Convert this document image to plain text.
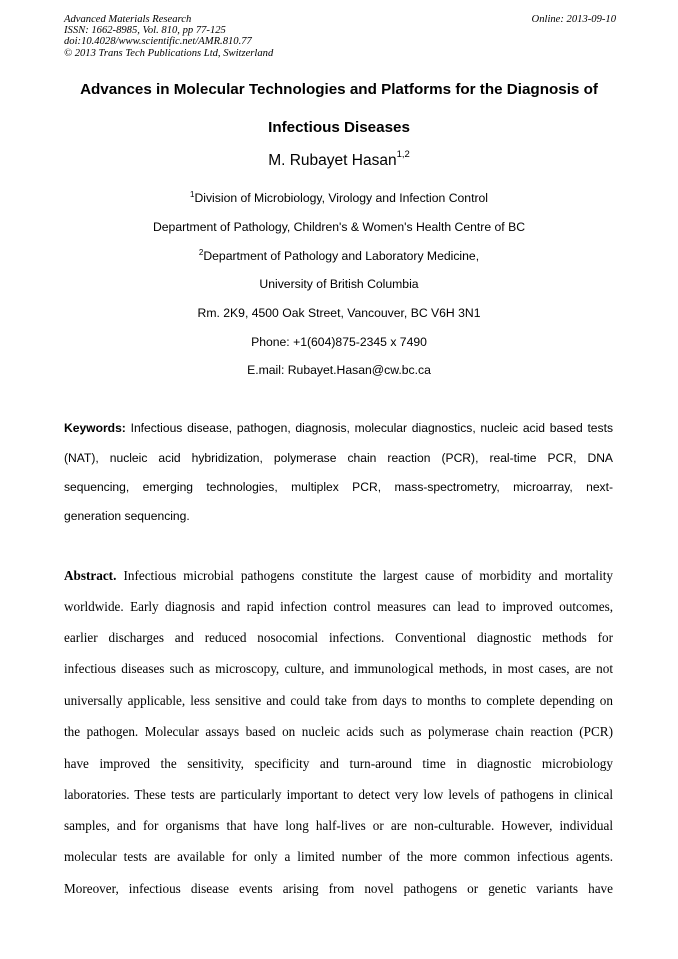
Advanced Materials Research
ISSN: 1662-8985, Vol. 810, pp 77-125
doi:10.4028/www.scientific.net/AMR.810.77
© 2013 Trans Tech Publications Ltd, Switzerland
Online: 2013-09-10
Advances in Molecular Technologies and Platforms for the Diagnosis of
Infectious Diseases
M. Rubayet Hasan$^{1,2}$
$^1$Division of Microbiology, Virology and Infection Control
Department of Pathology, Children's & Women's Health Centre of BC
$^2$Department of Pathology and Laboratory Medicine,
University of British Columbia
Rm. 2K9, 4500 Oak Street, Vancouver, BC V6H 3N1
Phone: +1(604)875-2345 x 7490
E.mail: Rubayet.Hasan@cw.bc.ca
Keywords: Infectious disease, pathogen, diagnosis, molecular diagnostics, nucleic acid based tests
(NAT), nucleic acid hybridization, polymerase chain reaction (PCR), real-time PCR, DNA
sequencing, emerging technologies, multiplex PCR, mass-spectrometry, microarray, next-
generation sequencing.
Abstract. Infectious microbial pathogens constitute the largest cause of morbidity and mortality
worldwide. Early diagnosis and rapid infection control measures can lead to improved outcomes,
earlier discharges and reduced nosocomial infections. Conventional diagnostic methods for
infectious diseases such as microscopy, culture, and immunological methods, in most cases, are not
universally applicable, less sensitive and could take from days to months to complete depending on
the pathogen. Molecular assays based on nucleic acids such as polymerase chain reaction (PCR)
have improved the sensitivity, specificity and turn-around time in diagnostic microbiology
laboratories. These tests are particularly important to detect very low levels of pathogens in clinical
samples, and for organisms that have long half-lives or are non-culturable. However, individual
molecular tests are available for only a limited number of the more common infectious agents.
Moreover, infectious disease events arising from novel pathogens or genetic variants have
